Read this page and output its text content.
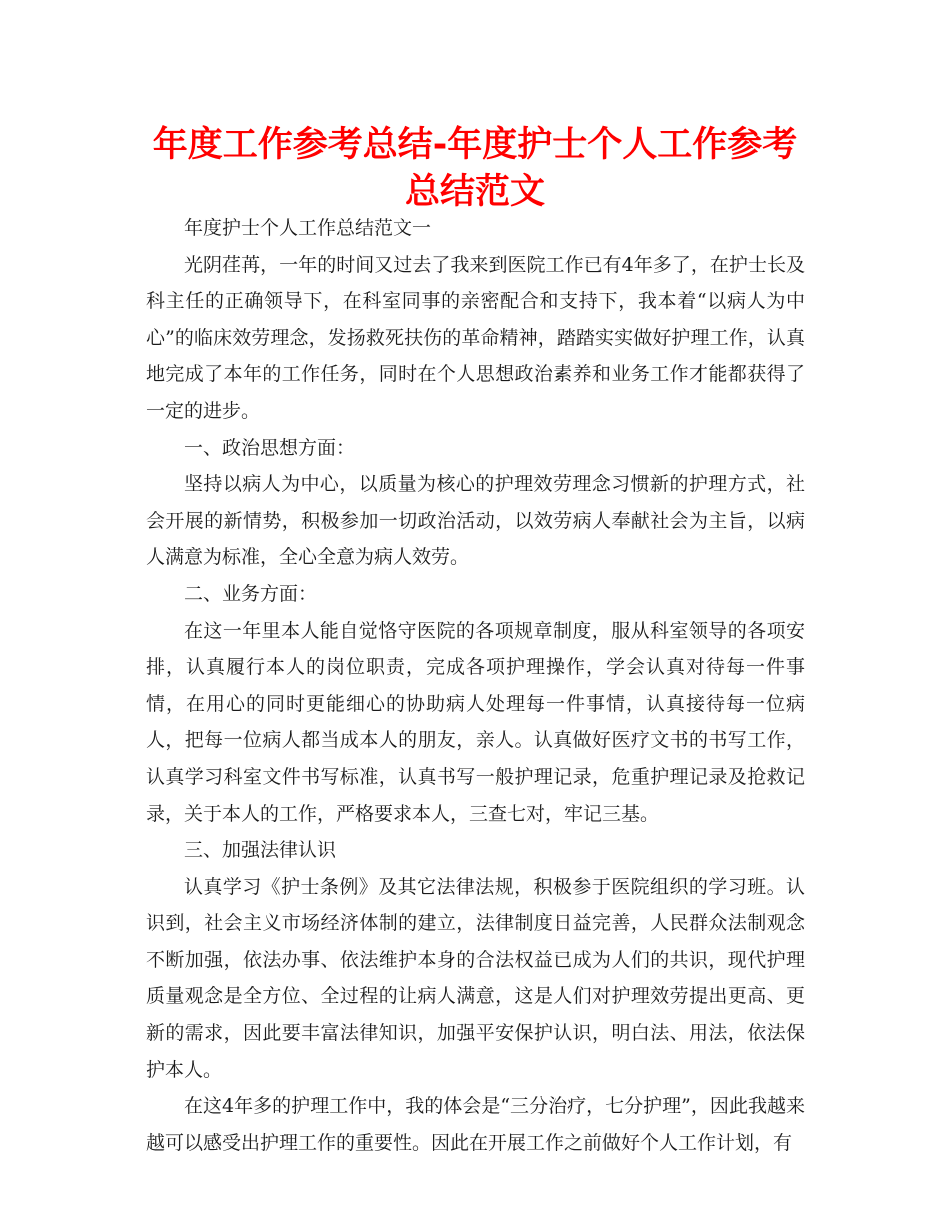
年度工作参考总结-年度护士个人工作参考总结范文

年度护士个人工作总结范文一

光阴荏苒，一年的时间又过去了我来到医院工作已有4年多了，在护士长及科主任的正确领导下，在科室同事的亲密配合和支持下，我本着“以病人为中心”的临床效劳理念，发扬救死扶伤的革命精神，踏踏实实做好护理工作，认真地完成了本年的工作任务，同时在个人思想政治素养和业务工作才能都获得了一定的进步。

一、政治思想方面：

坚持以病人为中心，以质量为核心的护理效劳理念习惯新的护理方式，社会开展的新情势，积极参加一切政治活动，以效劳病人奉献社会为主旨，以病人满意为标准，全心全意为病人效劳。

二、业务方面：

在这一年里本人能自觉恪守医院的各项规章制度，服从科室领导的各项安排，认真履行本人的岗位职责，完成各项护理操作，学会认真对待每一件事情，在用心的同时更能细心的协助病人处理每一件事情，认真接待每一位病人，把每一位病人都当成本人的朋友，亲人。认真做好医疗文书的书写工作，认真学习科室文件书写标准，认真书写一般护理记录，危重护理记录及抢救记录，关于本人的工作，严格要求本人，三查七对，牢记三基。

三、加强法律认识

认真学习《护士条例》及其它法律法规，积极参于医院组织的学习班。认识到，社会主义市场经济体制的建立，法律制度日益完善，人民群众法制观念不断加强，依法办事、依法维护本身的合法权益已成为人们的共识，现代护理质量观念是全方位、全过程的让病人满意，这是人们对护理效劳提出更高、更新的需求，因此要丰富法律知识，加强平安保护认识，明白法、用法，依法保护本人。

在这4年多的护理工作中，我的体会是“三分治疗，七分护理”，因此我越来越可以感受出护理工作的重要性。因此在开展工作之前做好个人工作计划，有
